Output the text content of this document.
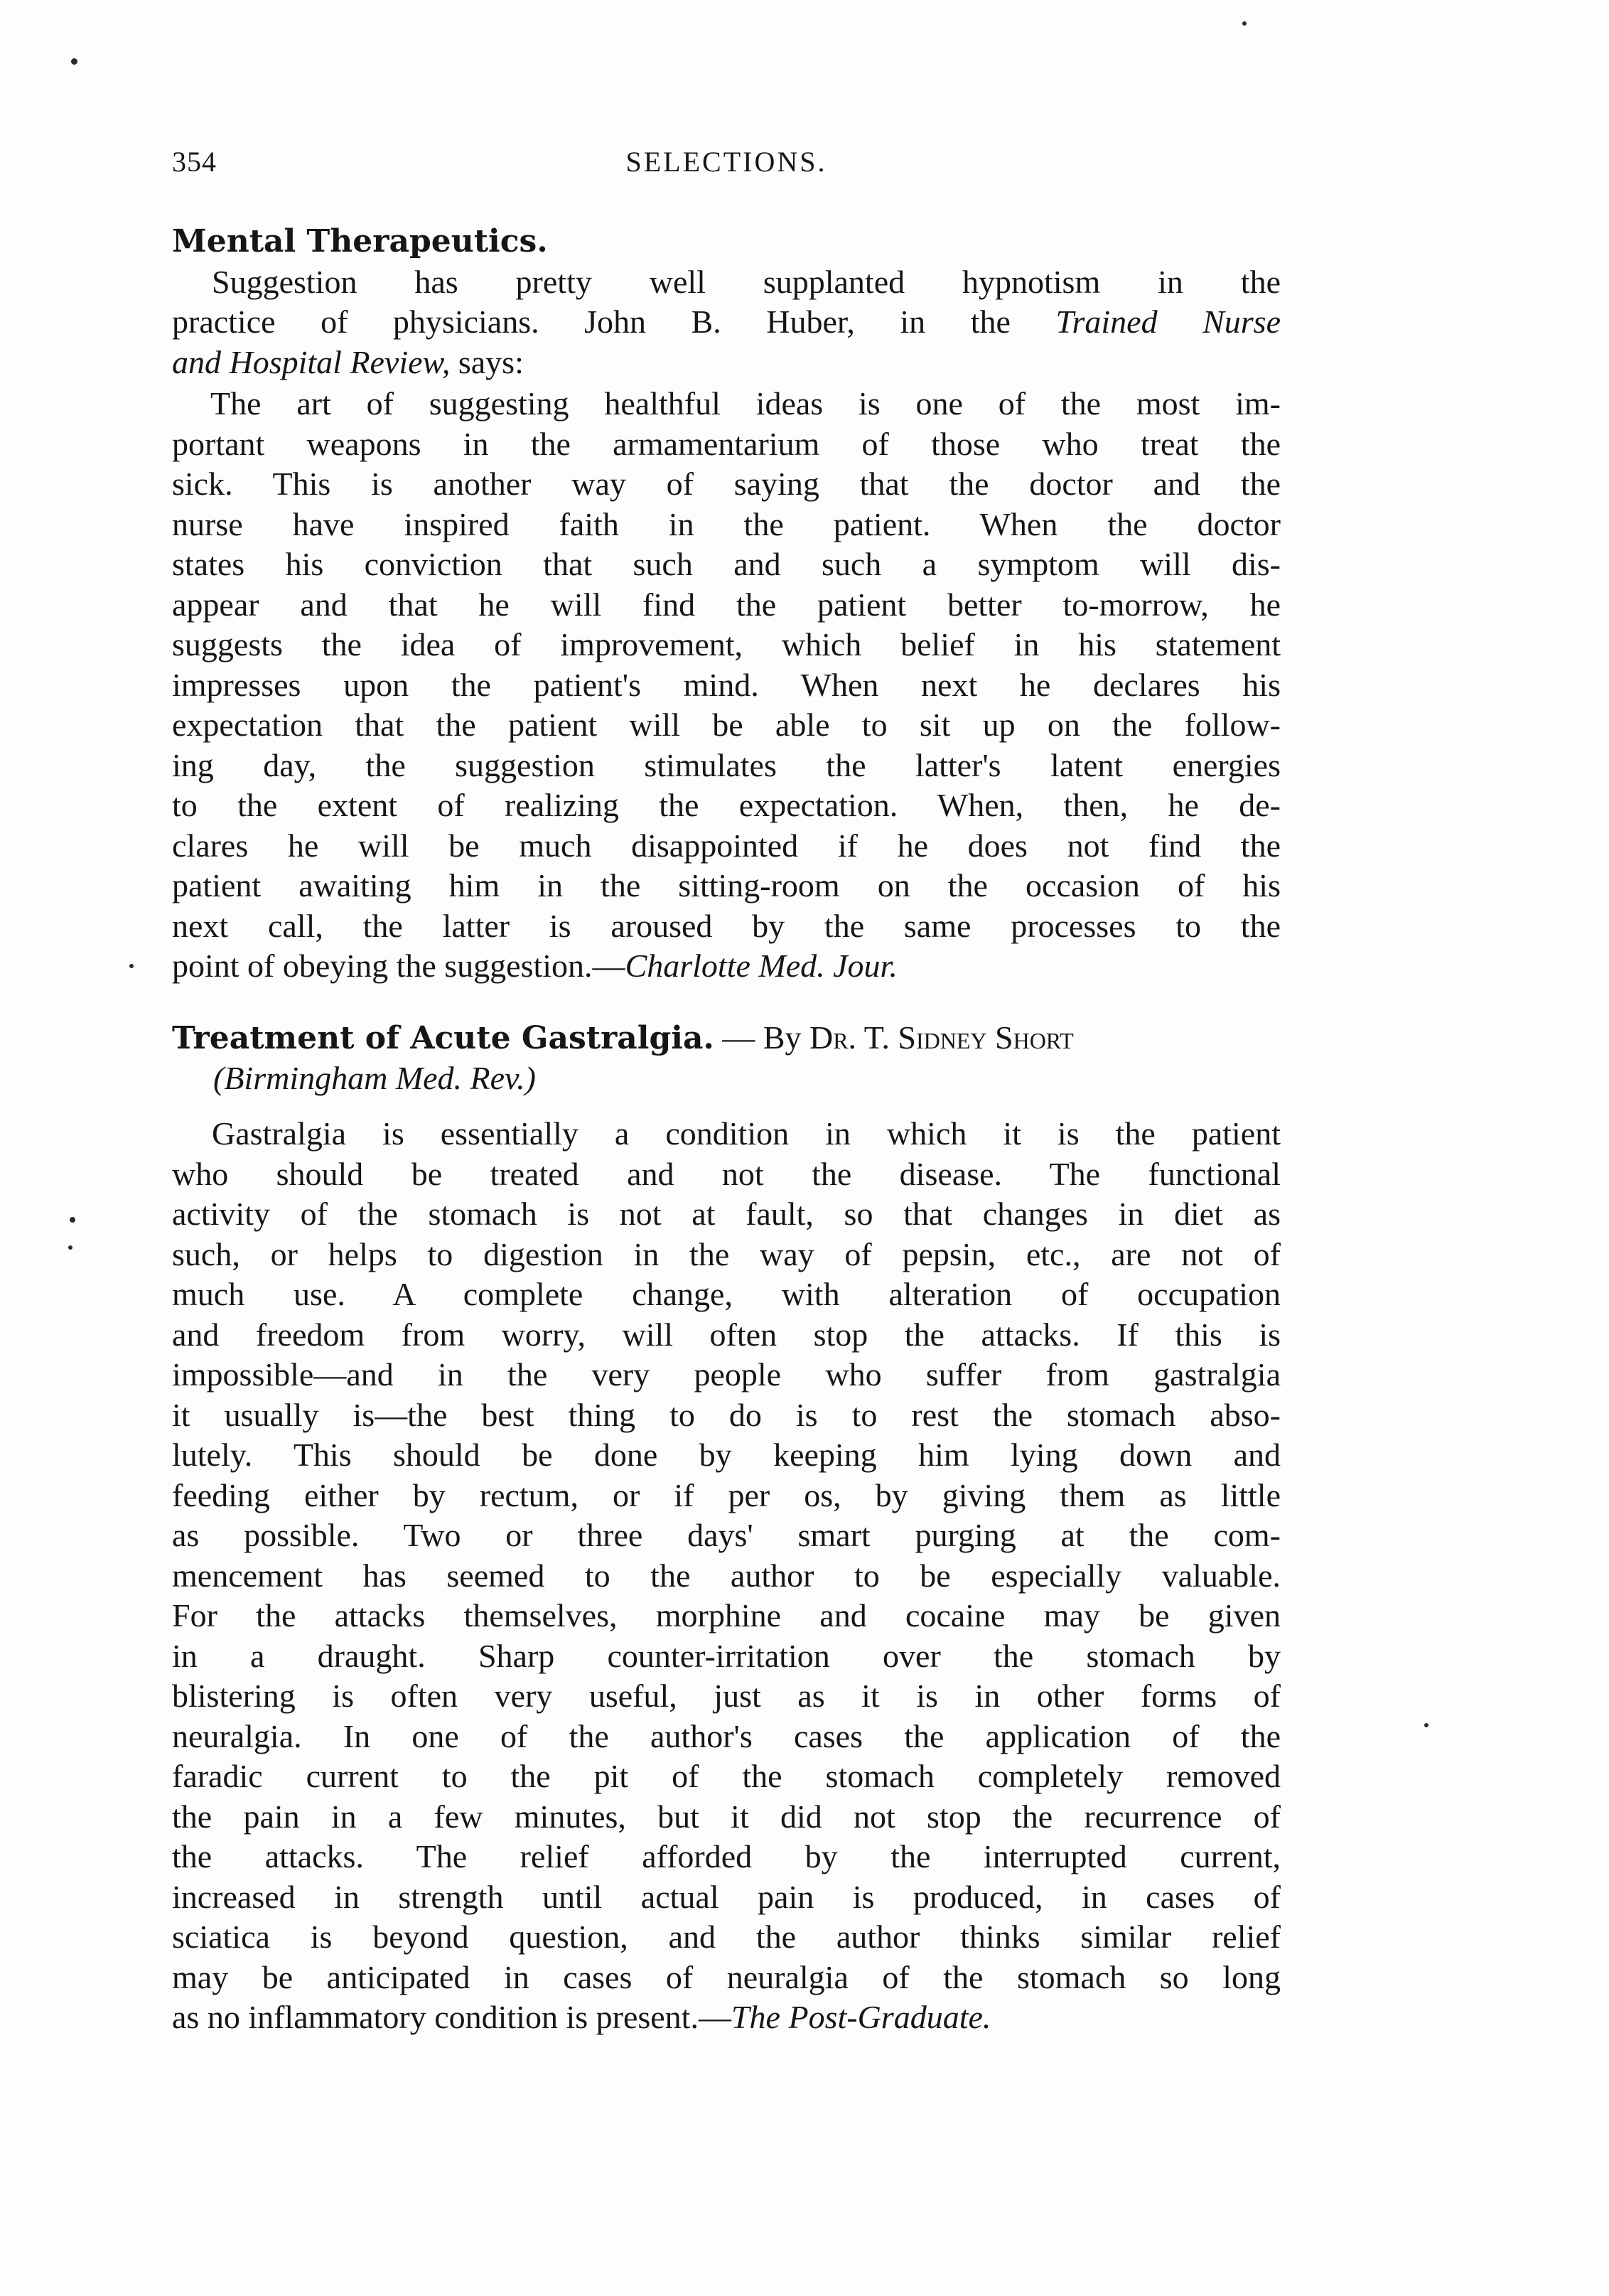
354	SELECTIONS.
Mental Therapeutics.
Suggestion has pretty well supplanted hypnotism in the
practice of physicians. John B. Huber, in the Trained Nurse
and Hospital Review, says:
The art of suggesting healthful ideas is one of the most im-
portant weapons in the armamentarium of those who treat the
sick. This is another way of saying that the doctor and the
nurse have inspired faith in the patient. When the doctor
states his conviction that such and such a symptom will dis-
appear and that he will find the patient better to-morrow, he
suggests the idea of improvement, which belief in his statement
impresses upon the patient's mind. When next he declares his
expectation that the patient will be able to sit up on the follow-
ing day, the suggestion stimulates the latter's latent energies
to the extent of realizing the expectation. When, then, he de-
clares he will be much disappointed if he does not find the
patient awaiting him in the sitting-room on the occasion of his
next call, the latter is aroused by the same processes to the
point of obeying the suggestion.—Charlotte Med. Jour.
Treatment of Acute Gastralgia. — By Dr. T. Sidney Short
(Birmingham Med. Rev.)
Gastralgia is essentially a condition in which it is the patient
who should be treated and not the disease. The functional
activity of the stomach is not at fault, so that changes in diet as
such, or helps to digestion in the way of pepsin, etc., are not of
much use. A complete change, with alteration of occupation
and freedom from worry, will often stop the attacks. If this is
impossible—and in the very people who suffer from gastralgia
it usually is—the best thing to do is to rest the stomach abso-
lutely. This should be done by keeping him lying down and
feeding either by rectum, or if per os, by giving them as little
as possible. Two or three days' smart purging at the com-
mencement has seemed to the author to be especially valuable.
For the attacks themselves, morphine and cocaine may be given
in a draught. Sharp counter-irritation over the stomach by
blistering is often very useful, just as it is in other forms of
neuralgia. In one of the author's cases the application of the
faradic current to the pit of the stomach completely removed
the pain in a few minutes, but it did not stop the recurrence of
the attacks. The relief afforded by the interrupted current,
increased in strength until actual pain is produced, in cases of
sciatica is beyond question, and the author thinks similar relief
may be anticipated in cases of neuralgia of the stomach so long
as no inflammatory condition is present.—The Post-Graduate.
